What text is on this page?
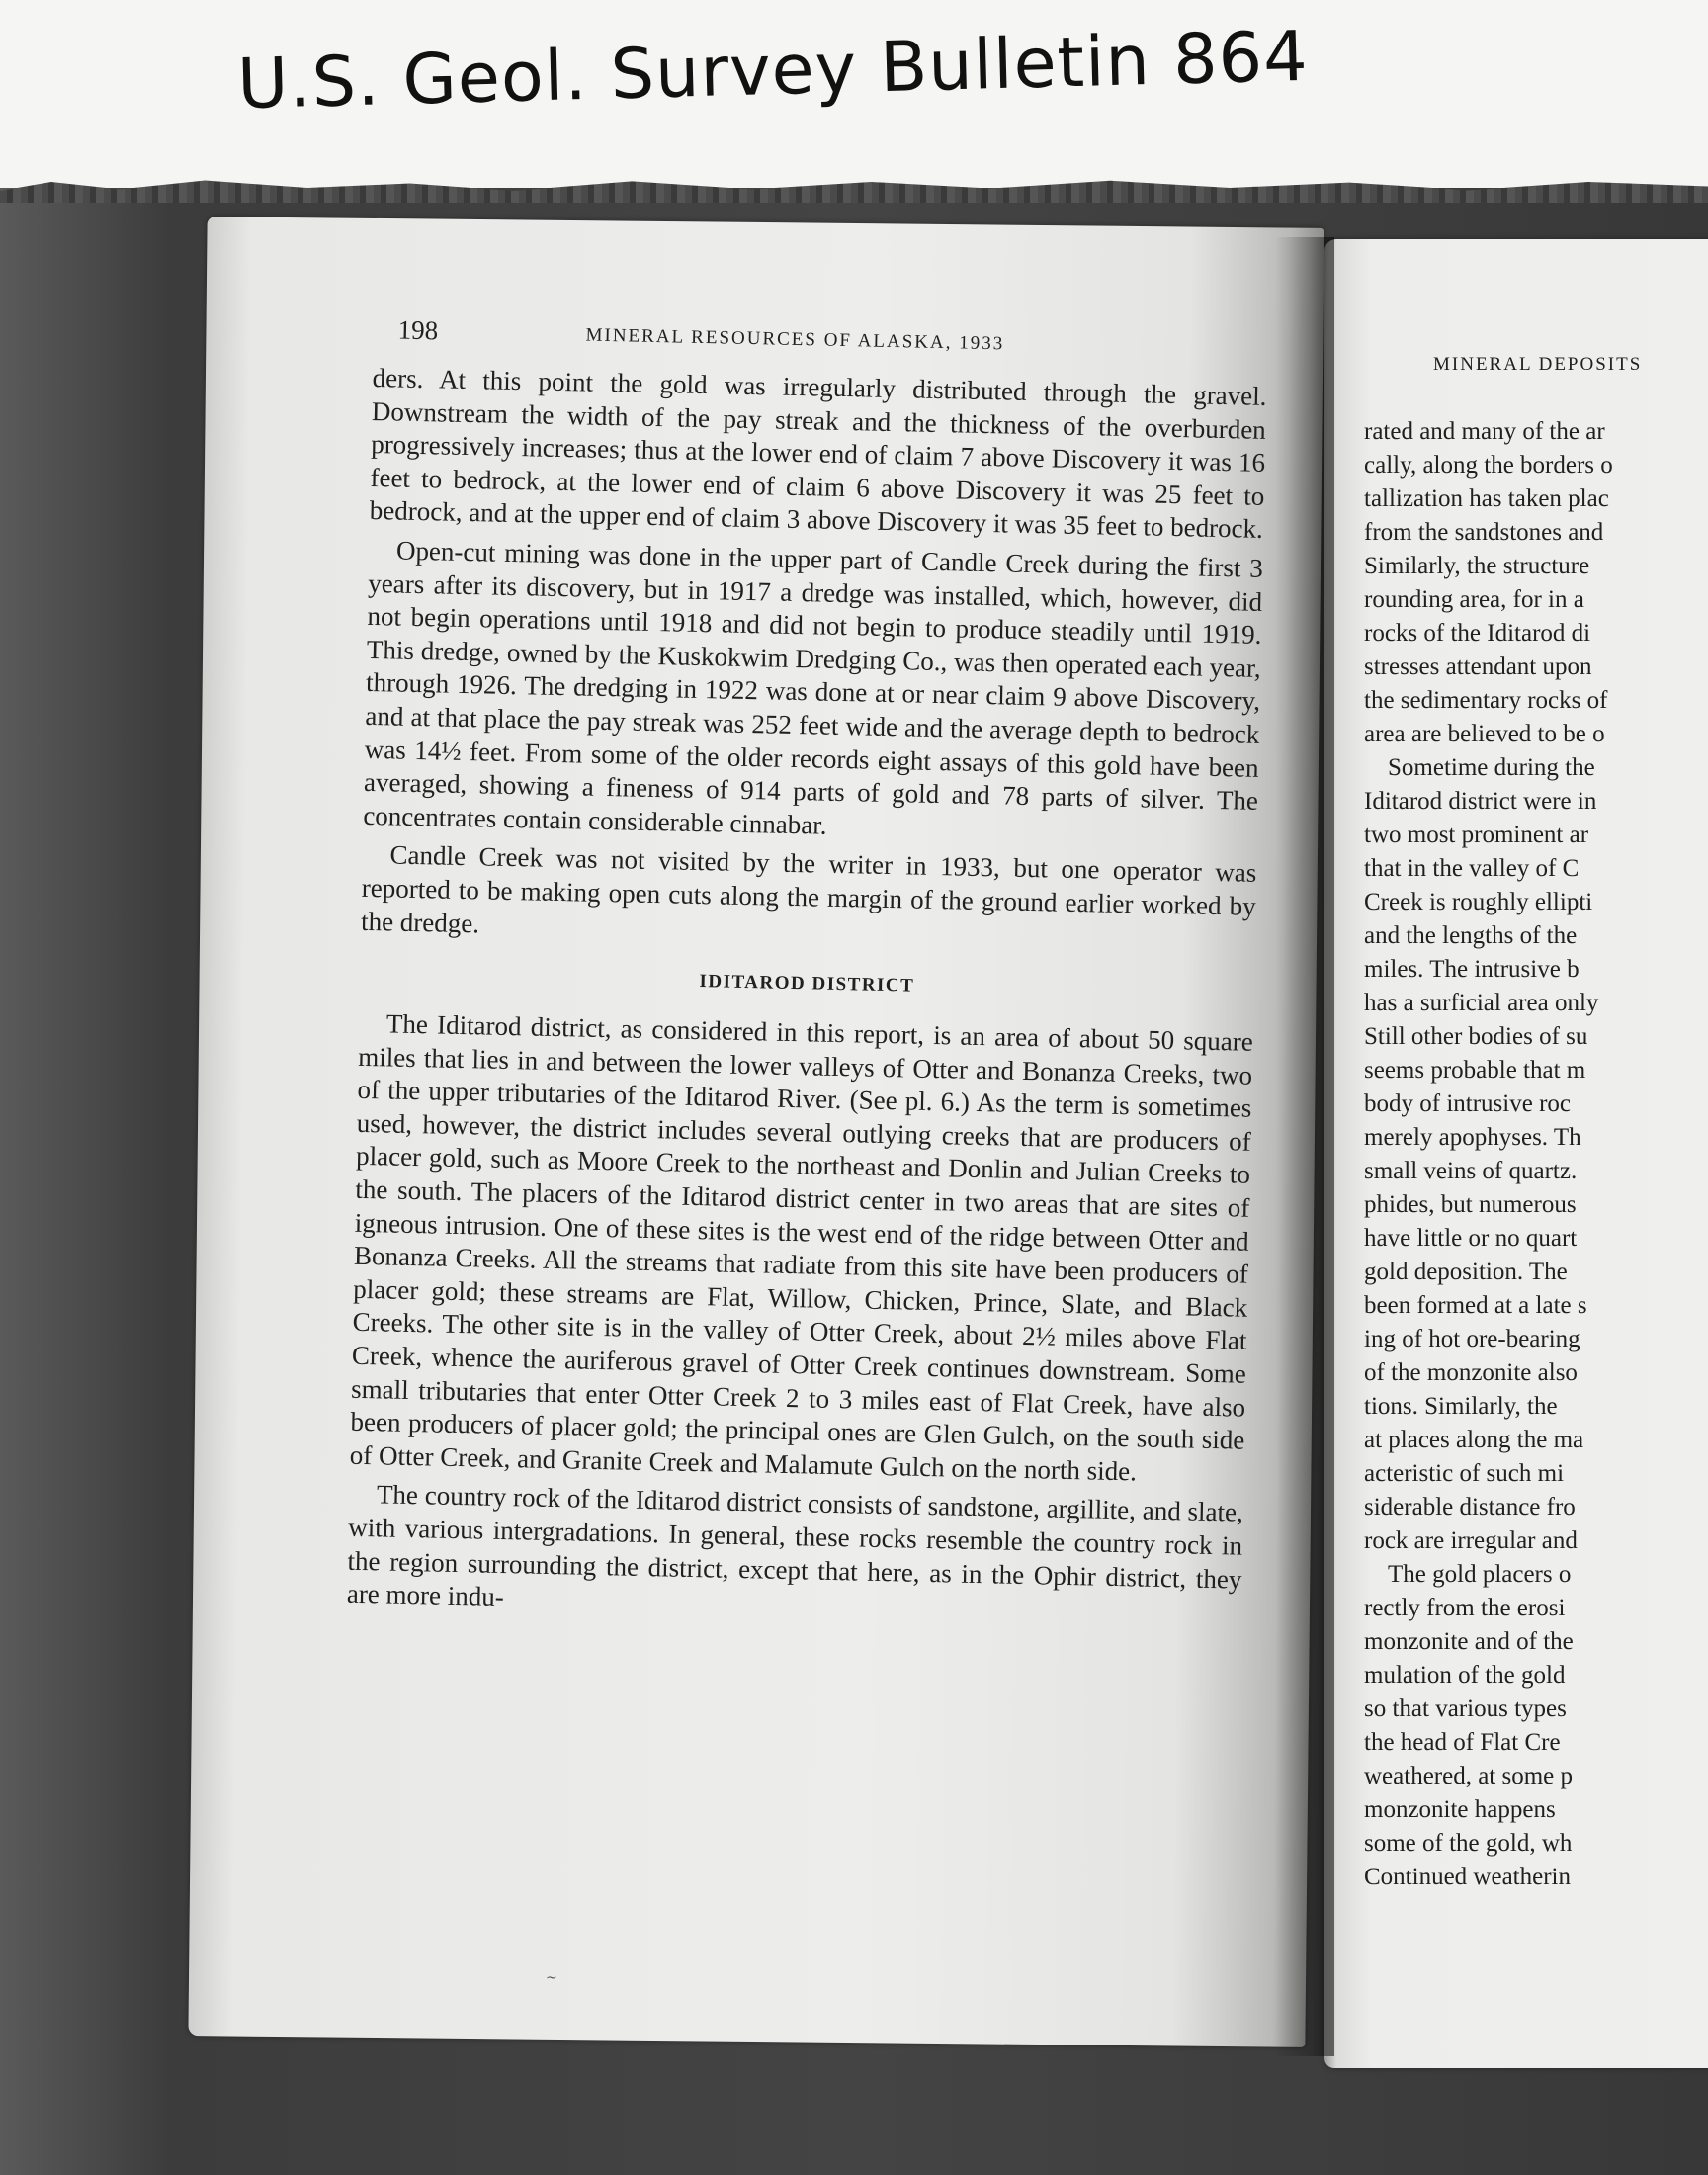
U.S. Geol. Survey Bulletin 864
198	MINERAL RESOURCES OF ALASKA, 1933

ders. At this point the gold was irregularly distributed through the gravel. Downstream the width of the pay streak and the thickness of the overburden progressively increases; thus at the lower end of claim 7 above Discovery it was 16 feet to bedrock, at the lower end of claim 6 above Discovery it was 25 feet to bedrock, and at the upper end of claim 3 above Discovery it was 35 feet to bedrock.

Open-cut mining was done in the upper part of Candle Creek during the first 3 years after its discovery, but in 1917 a dredge was installed, which, however, did not begin operations until 1918 and did not begin to produce steadily until 1919. This dredge, owned by the Kuskokwim Dredging Co., was then operated each year, through 1926. The dredging in 1922 was done at or near claim 9 above Discovery, and at that place the pay streak was 252 feet wide and the average depth to bedrock was 14½ feet. From some of the older records eight assays of this gold have been averaged, showing a fineness of 914 parts of gold and 78 parts of silver. The concentrates contain considerable cinnabar.

Candle Creek was not visited by the writer in 1933, but one operator was reported to be making open cuts along the margin of the ground earlier worked by the dredge.

IDITAROD DISTRICT

The Iditarod district, as considered in this report, is an area of about 50 square miles that lies in and between the lower valleys of Otter and Bonanza Creeks, two of the upper tributaries of the Iditarod River. (See pl. 6.) As the term is sometimes used, however, the district includes several outlying creeks that are producers of placer gold, such as Moore Creek to the northeast and Donlin and Julian Creeks to the south. The placers of the Iditarod district center in two areas that are sites of igneous intrusion. One of these sites is the west end of the ridge between Otter and Bonanza Creeks. All the streams that radiate from this site have been producers of placer gold; these streams are Flat, Willow, Chicken, Prince, Slate, and Black Creeks. The other site is in the valley of Otter Creek, about 2½ miles above Flat Creek, whence the auriferous gravel of Otter Creek continues downstream. Some small tributaries that enter Otter Creek 2 to 3 miles east of Flat Creek, have also been producers of placer gold; the principal ones are Glen Gulch, on the south side of Otter Creek, and Granite Creek and Malamute Gulch on the north side.

The country rock of the Iditarod district consists of sandstone, argillite, and slate, with various intergradations. In general, these rocks resemble the country rock in the region surrounding the district, except that here, as in the Ophir district, they are more indu-

MINERAL DEPOSITS
rated and many of the ar
cally, along the borders o
tallization has taken plac
from the sandstones and
Similarly, the structure
rounding area, for in a
rocks of the Iditarod di
stresses attendant upon
the sedimentary rocks of
area are believed to be o
Sometime during the
Iditarod district were in
two most prominent ar
that in the valley of C
Creek is roughly ellipti
and the lengths of the
miles. The intrusive b
has a surficial area only
Still other bodies of su
seems probable that m
body of intrusive roc
merely apophyses. Th
small veins of quartz.
phides, but numerous
have little or no quart
gold deposition. The
been formed at a late s
ing of hot ore-bearing
of the monzonite also
tions. Similarly, the
at places along the ma
acteristic of such mi
siderable distance fro
rock are irregular and
The gold placers o
rectly from the erosi
monzonite and of the
mulation of the gold
so that various types
the head of Flat Cre
weathered, at some p
monzonite happens
some of the gold, wh
Continued weatherin
~
